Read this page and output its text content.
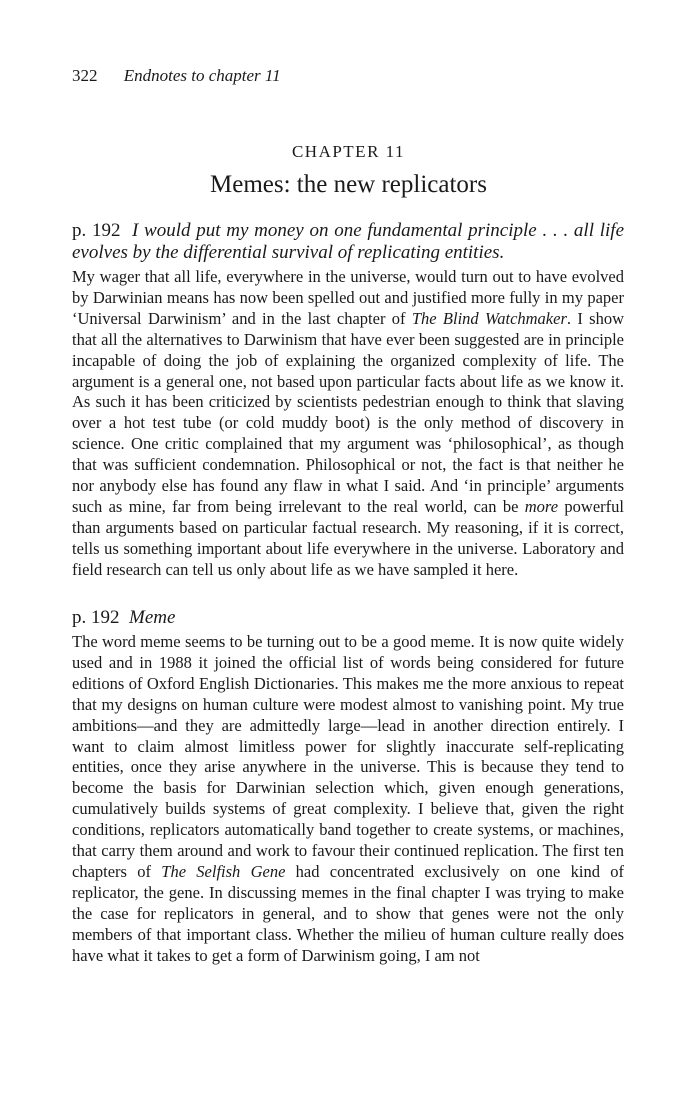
322 Endnotes to chapter 11
CHAPTER 11
Memes: the new replicators
p. 192 I would put my money on one fundamental principle . . . all life
evolves by the differential survival of replicating entities.

My wager that all life, everywhere in the universe, would turn out to have evolved by Darwinian means has now been spelled out and justified more fully in my paper ‘Universal Darwinism’ and in the last chapter of The Blind Watchmaker. I show that all the alternatives to Darwinism that have ever been suggested are in principle incapable of doing the job of explaining the organized complexity of life. The argument is a general one, not based upon particular facts about life as we know it. As such it has been criticized by scientists pedestrian enough to think that slaving over a hot test tube (or cold muddy boot) is the only method of discovery in science. One critic complained that my argument was ‘philosophical’, as though that was sufficient condemnation. Philosophical or not, the fact is that neither he nor anybody else has found any flaw in what I said. And ‘in principle’ arguments such as mine, far from being irrelevant to the real world, can be more powerful than arguments based on particular factual research. My reasoning, if it is correct, tells us something important about life everywhere in the universe. Laboratory and field research can tell us only about life as we have sampled it here.

p. 192 Meme

The word meme seems to be turning out to be a good meme. It is now quite widely used and in 1988 it joined the official list of words being considered for future editions of Oxford English Dictionaries. This makes me the more anxious to repeat that my designs on human culture were modest almost to vanishing point. My true ambitions—and they are admittedly large—lead in another direction entirely. I want to claim almost limitless power for slightly inaccurate self-replicating entities, once they arise anywhere in the universe. This is because they tend to become the basis for Darwinian selection which, given enough generations, cumulatively builds systems of great complexity. I believe that, given the right conditions, replicators automatically band together to create systems, or machines, that carry them around and work to favour their continued replication. The first ten chapters of The Selfish Gene had concentrated exclusively on one kind of replicator, the gene. In discussing memes in the final chapter I was trying to make the case for replicators in general, and to show that genes were not the only members of that important class. Whether the milieu of human culture really does have what it takes to get a form of Darwinism going, I am not
